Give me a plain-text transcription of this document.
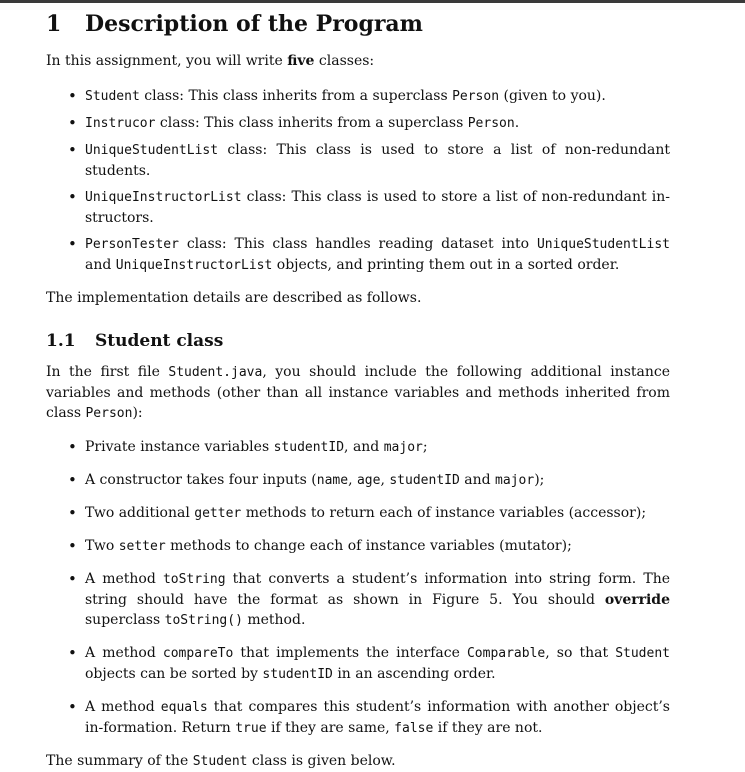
1 Description of the Program

In this assignment, you will write five classes:

• Student class: This class inherits from a superclass Person (given to you).
• Instrucor class: This class inherits from a superclass Person.
• UniqueStudentList class: This class is used to store a list of non-redundant students.
• UniqueInstructorList class: This class is used to store a list of non-redundant in-structors.
• PersonTester class: This class handles reading dataset into UniqueStudentList and UniqueInstructorList objects, and printing them out in a sorted order.

The implementation details are described as follows.

1.1 Student class

In the first file Student.java, you should include the following additional instance variables and methods (other than all instance variables and methods inherited from class Person):

• Private instance variables studentID, and major;
• A constructor takes four inputs (name, age, studentID and major);
• Two additional getter methods to return each of instance variables (accessor);
• Two setter methods to change each of instance variables (mutator);
• A method toString that converts a student’s information into string form. The string should have the format as shown in Figure 5. You should override superclass toString() method.
• A method compareTo that implements the interface Comparable, so that Student objects can be sorted by studentID in an ascending order.
• A method equals that compares this student’s information with another object’s in-formation. Return true if they are same, false if they are not.

The summary of the Student class is given below.
